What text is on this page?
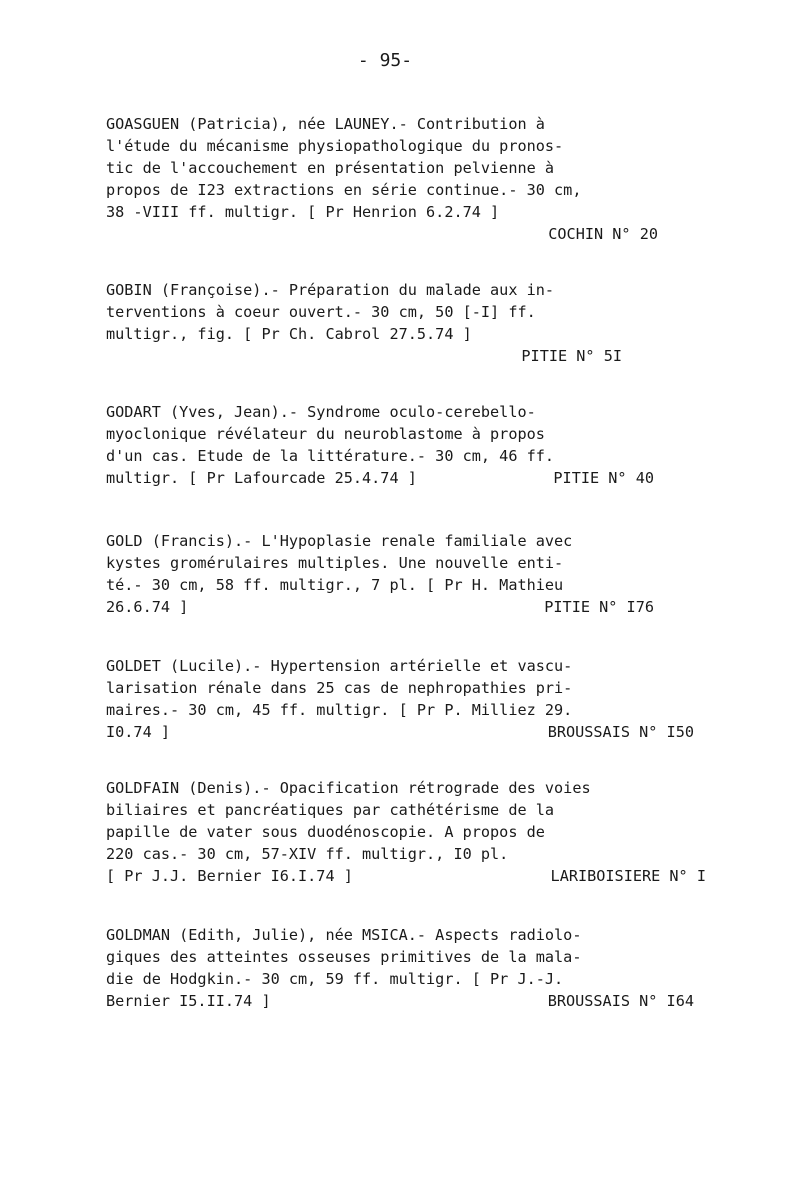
- 95-
GOASGUEN (Patricia), née LAUNEY.- Contribution à
l'étude du mécanisme physiopathologique du pronos-
tic de l'accouchement en présentation pelvienne à
propos de I23 extractions en série continue.- 30 cm,
38 -VIII ff. multigr. [ Pr Henrion 6.2.74 ]
COCHIN N° 20
GOBIN (Françoise).- Préparation du malade aux in-
terventions à coeur ouvert.- 30 cm, 50 [-I] ff.
multigr., fig. [ Pr Ch. Cabrol 27.5.74 ]
PITIE N° 5I
GODART (Yves, Jean).- Syndrome oculo-cerebello-
myoclonique révélateur du neuroblastome à propos
d'un cas. Etude de la littérature.- 30 cm, 46 ff.
multigr. [ Pr Lafourcade 25.4.74 ]	PITIE N° 40
GOLD (Francis).- L'Hypoplasie renale familiale avec
kystes gromérulaires multiples. Une nouvelle enti-
té.- 30 cm, 58 ff. multigr., 7 pl. [ Pr H. Mathieu
26.6.74 ]	PITIE N° I76
GOLDET (Lucile).- Hypertension artérielle et vascu-
larisation rénale dans 25 cas de nephropathies pri-
maires.- 30 cm, 45 ff. multigr. [ Pr P. Milliez 29.
I0.74 ]	BROUSSAIS N° I50
GOLDFAIN (Denis).- Opacification rétrograde des voies
biliaires et pancréatiques par cathétérisme de la
papille de vater sous duodénoscopie. A propos de
220 cas.- 30 cm, 57-XIV ff. multigr., I0 pl.
[ Pr J.J. Bernier I6.I.74 ]	LARIBOISIERE N° I
GOLDMAN (Edith, Julie), née MSICA.- Aspects radiolo-
giques des atteintes osseuses primitives de la mala-
die de Hodgkin.- 30 cm, 59 ff. multigr. [ Pr J.-J.
Bernier I5.II.74 ]	BROUSSAIS N° I64
